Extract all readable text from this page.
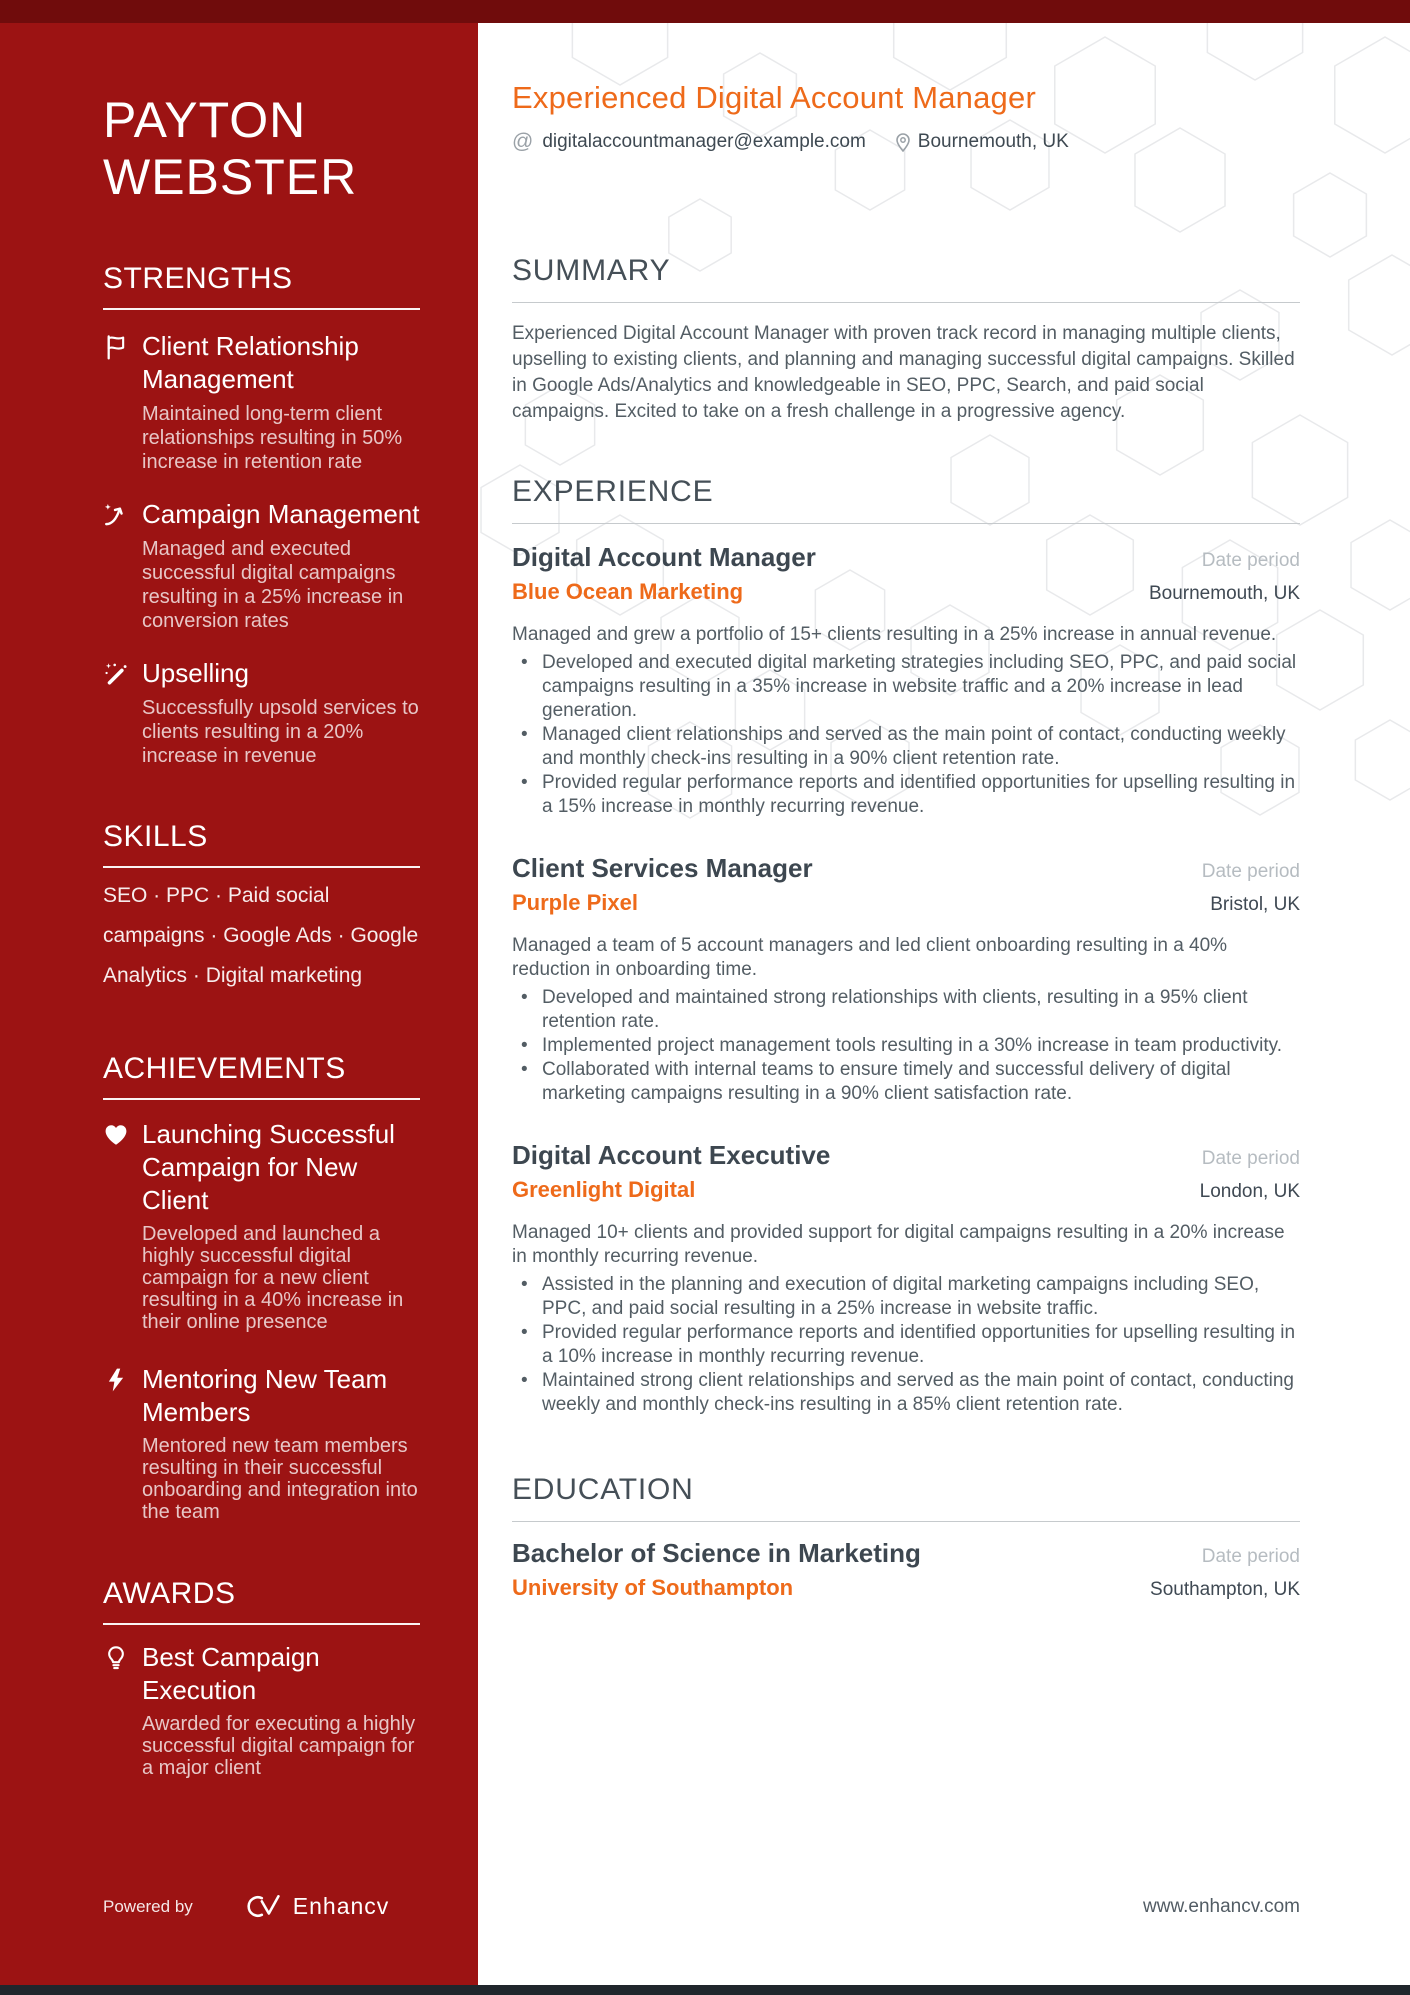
Experienced Digital Account Manager
@ digitalaccountmanager@example.com	Bournemouth, UK
SUMMARY

Experienced Digital Account Manager with proven track record in managing multiple clients, upselling to existing clients, and planning and managing successful digital campaigns. Skilled in Google Ads/Analytics and knowledgeable in SEO, PPC, Search, and paid social campaigns. Excited to take on a fresh challenge in a progressive agency.

EXPERIENCE
Digital Account Manager	Date period
Blue Ocean Marketing	Bournemouth, UK

Managed and grew a portfolio of 15+ clients resulting in a 25% increase in annual revenue.

• Developed and executed digital marketing strategies including SEO, PPC, and paid social campaigns resulting in a 35% increase in website traffic and a 20% increase in lead generation.
• Managed client relationships and served as the main point of contact, conducting weekly and monthly check-ins resulting in a 90% client retention rate.
• Provided regular performance reports and identified opportunities for upselling resulting in a 15% increase in monthly recurring revenue.
Client Services Manager	Date period
Purple Pixel	Bristol, UK

Managed a team of 5 account managers and led client onboarding resulting in a 40% reduction in onboarding time.

• Developed and maintained strong relationships with clients, resulting in a 95% client retention rate.
• Implemented project management tools resulting in a 30% increase in team productivity.
• Collaborated with internal teams to ensure timely and successful delivery of digital marketing campaigns resulting in a 90% client satisfaction rate.
Digital Account Executive	Date period
Greenlight Digital	London, UK

Managed 10+ clients and provided support for digital campaigns resulting in a 20% increase in monthly recurring revenue.

• Assisted in the planning and execution of digital marketing campaigns including SEO, PPC, and paid social resulting in a 25% increase in website traffic.
• Provided regular performance reports and identified opportunities for upselling resulting in a 10% increase in monthly recurring revenue.
• Maintained strong client relationships and served as the main point of contact, conducting weekly and monthly check-ins resulting in a 85% client retention rate.
EDUCATION
Bachelor of Science in Marketing	Date period
University of Southampton	Southampton, UK
www.enhancv.com
PAYTON WEBSTER
STRENGTHS
Client Relationship Management
Maintained long-term client relationships resulting in 50% increase in retention rate
Campaign Management
Managed and executed successful digital campaigns resulting in a 25% increase in conversion rates
Upselling
Successfully upsold services to clients resulting in a 20% increase in revenue
SKILLS
SEO · PPC · Paid social campaigns · Google Ads · Google Analytics · Digital marketing
ACHIEVEMENTS
Launching Successful Campaign for New Client
Developed and launched a highly successful digital campaign for a new client resulting in a 40% increase in their online presence
Mentoring New Team Members
Mentored new team members resulting in their successful onboarding and integration into the team
AWARDS
Best Campaign Execution
Awarded for executing a highly successful digital campaign for a major client
Powered by	Enhancv
